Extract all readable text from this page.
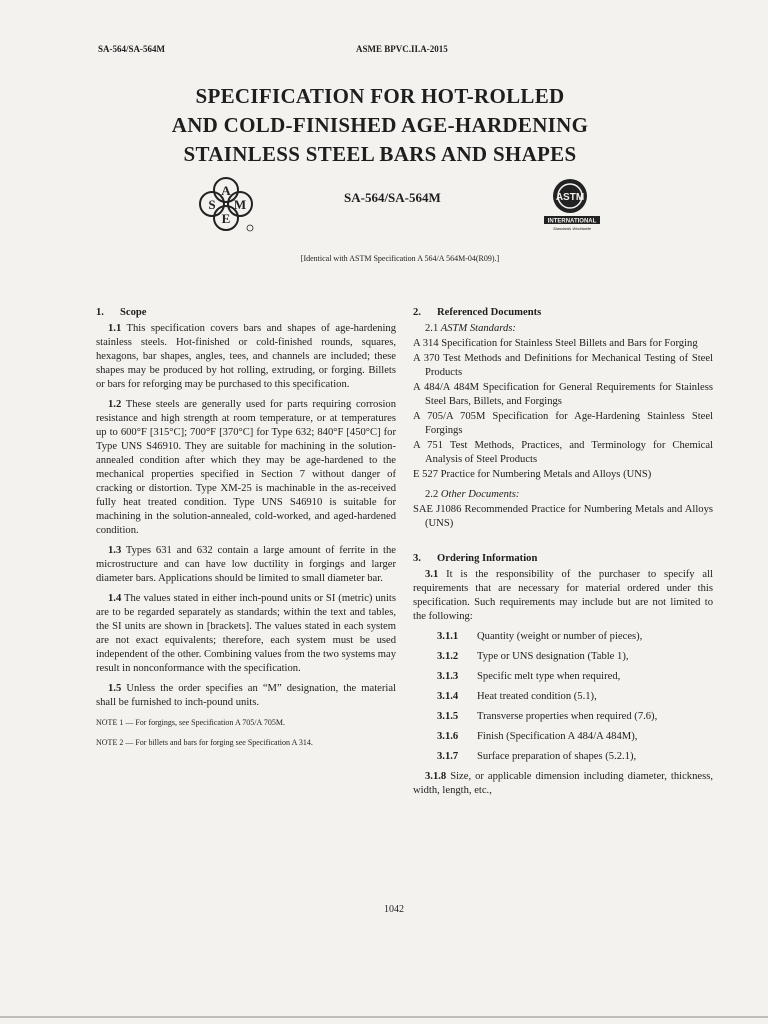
SA-564/SA-564M	ASME BPVC.II.A-2015
SPECIFICATION FOR HOT-ROLLED
AND COLD-FINISHED AGE-HARDENING
STAINLESS STEEL BARS AND SHAPES
A
S M
E
SA-564/SA-564M	ASTM
INTERNATIONAL
Standards Worldwide
[Identical with ASTM Specification A 564/A 564M-04(R09).]
1.	Scope

1.1 This specification covers bars and shapes of age-hardening stainless steels. Hot-finished or cold-finished rounds, squares, hexagons, bar shapes, angles, tees, and channels are included; these shapes may be produced by hot rolling, extruding, or forging. Billets or bars for reforging may be purchased to this specification.

1.2 These steels are generally used for parts requiring corrosion resistance and high strength at room temperature, or at temperatures up to 600°F [315°C]; 700°F [370°C] for Type 632; 840°F [450°C] for Type UNS S46910. They are suitable for machining in the solution-annealed condition after which they may be age-hardened to the mechanical properties specified in Section 7 without danger of cracking or distortion. Type XM-25 is machinable in the as-received fully heat treated condition. Type UNS S46910 is suitable for machining in the solution-annealed, cold-worked, and aged-hardened condition.

1.3 Types 631 and 632 contain a large amount of ferrite in the microstructure and can have low ductility in forgings and larger diameter bars. Applications should be limited to small diameter bar.

1.4 The values stated in either inch-pound units or SI (metric) units are to be regarded separately as standards; within the text and tables, the SI units are shown in [brackets]. The values stated in each system are not exact equivalents; therefore, each system must be used independent of the other. Combining values from the two systems may result in nonconformance with the specification.

1.5 Unless the order specifies an “M” designation, the material shall be furnished to inch-pound units.

NOTE 1 — For forgings, see Specification A 705/A 705M.
NOTE 2 — For billets and bars for forging see Specification A 314.
2.	Referenced Documents
2.1 ASTM Standards:
A 314 Specification for Stainless Steel Billets and Bars for Forging
A 370 Test Methods and Definitions for Mechanical Testing of Steel Products
A 484/A 484M Specification for General Requirements for Stainless Steel Bars, Billets, and Forgings
A 705/A 705M Specification for Age-Hardening Stainless Steel Forgings
A 751 Test Methods, Practices, and Terminology for Chemical Analysis of Steel Products
E 527 Practice for Numbering Metals and Alloys (UNS)
2.2 Other Documents:
SAE J1086 Recommended Practice for Numbering Metals and Alloys (UNS)
3.	Ordering Information

3.1 It is the responsibility of the purchaser to specify all requirements that are necessary for material ordered under this specification. Such requirements may include but are not limited to the following:

3.1.1 Quantity (weight or number of pieces),

3.1.2 Type or UNS designation (Table 1),

3.1.3 Specific melt type when required,

3.1.4 Heat treated condition (5.1),

3.1.5 Transverse properties when required (7.6),

3.1.6 Finish (Specification A 484/A 484M),

3.1.7 Surface preparation of shapes (5.2.1),

3.1.8 Size, or applicable dimension including diameter, thickness, width, length, etc.,

1042
